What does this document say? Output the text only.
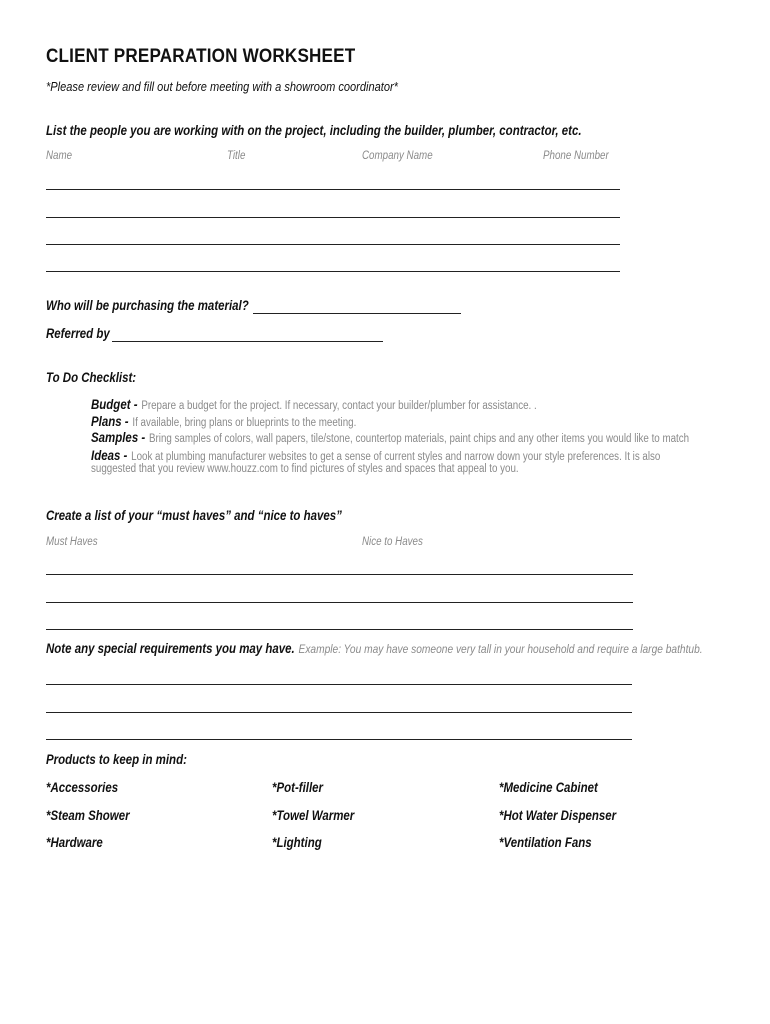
CLIENT PREPARATION WORKSHEET
*Please review and fill out before meeting with a showroom coordinator*
List the people you are working with on the project, including the builder, plumber, contractor, etc.
Name	Title	Company Name	Phone Number
Who will be purchasing the material?
Referred by
To Do Checklist:
Budget - Prepare a budget for the project. If necessary, contact your builder/plumber for assistance. .
Plans - If available, bring plans or blueprints to the meeting.
Samples - Bring samples of colors, wall papers, tile/stone, countertop materials, paint chips and any other items you would like to match
Ideas - Look at plumbing manufacturer websites to get a sense of current styles and narrow down your style preferences. It is also
suggested that you review www.houzz.com to find pictures of styles and spaces that appeal to you.
Create a list of your “must haves” and “nice to haves”
Must Haves	Nice to Haves
Note any special requirements you may have. Example: You may have someone very tall in your household and require a large bathtub.
Products to keep in mind:
*Accessories	*Pot-filler	*Medicine Cabinet
*Steam Shower	*Towel Warmer	*Hot Water Dispenser
*Hardware	*Lighting	*Ventilation Fans
